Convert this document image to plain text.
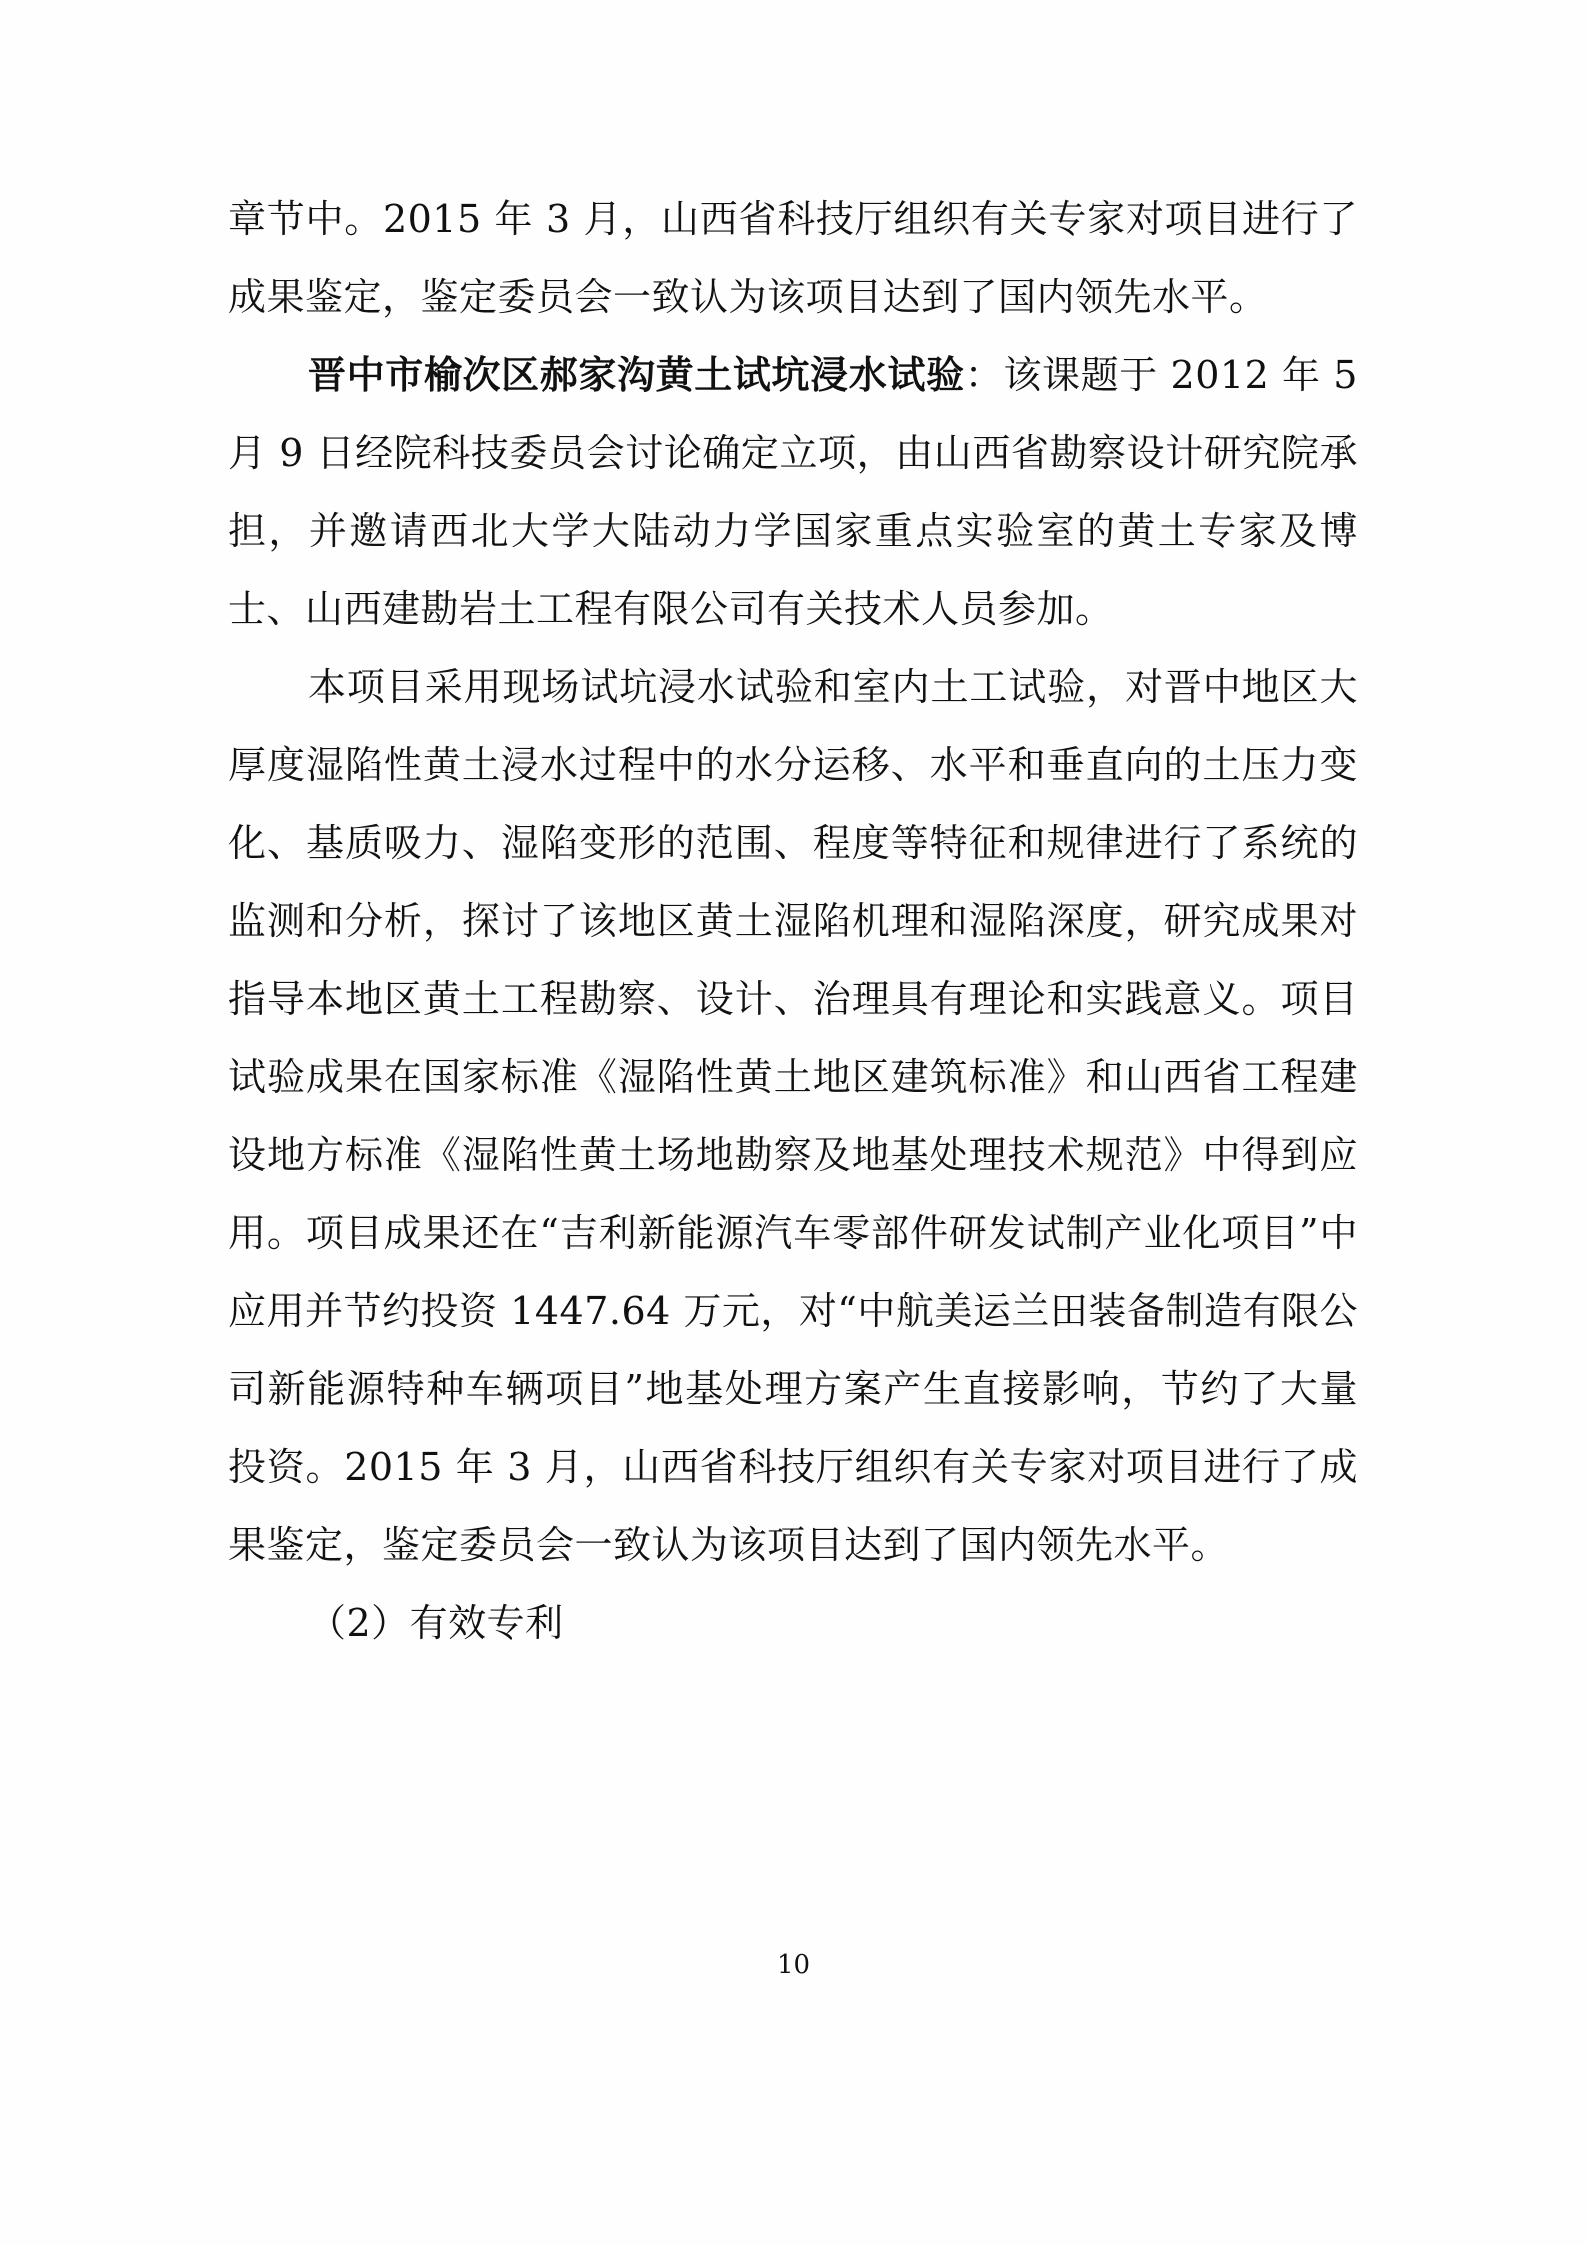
章节中。2015 年 3 月，山西省科技厅组织有关专家对项目进行了成果鉴定，鉴定委员会一致认为该项目达到了国内领先水平。

晋中市榆次区郝家沟黄土试坑浸水试验：该课题于 2012 年 5 月 9 日经院科技委员会讨论确定立项，由山西省勘察设计研究院承担，并邀请西北大学大陆动力学国家重点实验室的黄土专家及博士、山西建勘岩土工程有限公司有关技术人员参加。

本项目采用现场试坑浸水试验和室内土工试验，对晋中地区大厚度湿陷性黄土浸水过程中的水分运移、水平和垂直向的土压力变化、基质吸力、湿陷变形的范围、程度等特征和规律进行了系统的监测和分析，探讨了该地区黄土湿陷机理和湿陷深度，研究成果对指导本地区黄土工程勘察、设计、治理具有理论和实践意义。项目试验成果在国家标准《湿陷性黄土地区建筑标准》和山西省工程建设地方标准《湿陷性黄土场地勘察及地基处理技术规范》中得到应用。项目成果还在“吉利新能源汽车零部件研发试制产业化项目”中应用并节约投资 1447.64 万元，对“中航美运兰田装备制造有限公司新能源特种车辆项目”地基处理方案产生直接影响，节约了大量投资。2015 年 3 月，山西省科技厅组织有关专家对项目进行了成果鉴定，鉴定委员会一致认为该项目达到了国内领先水平。

（2）有效专利

10
